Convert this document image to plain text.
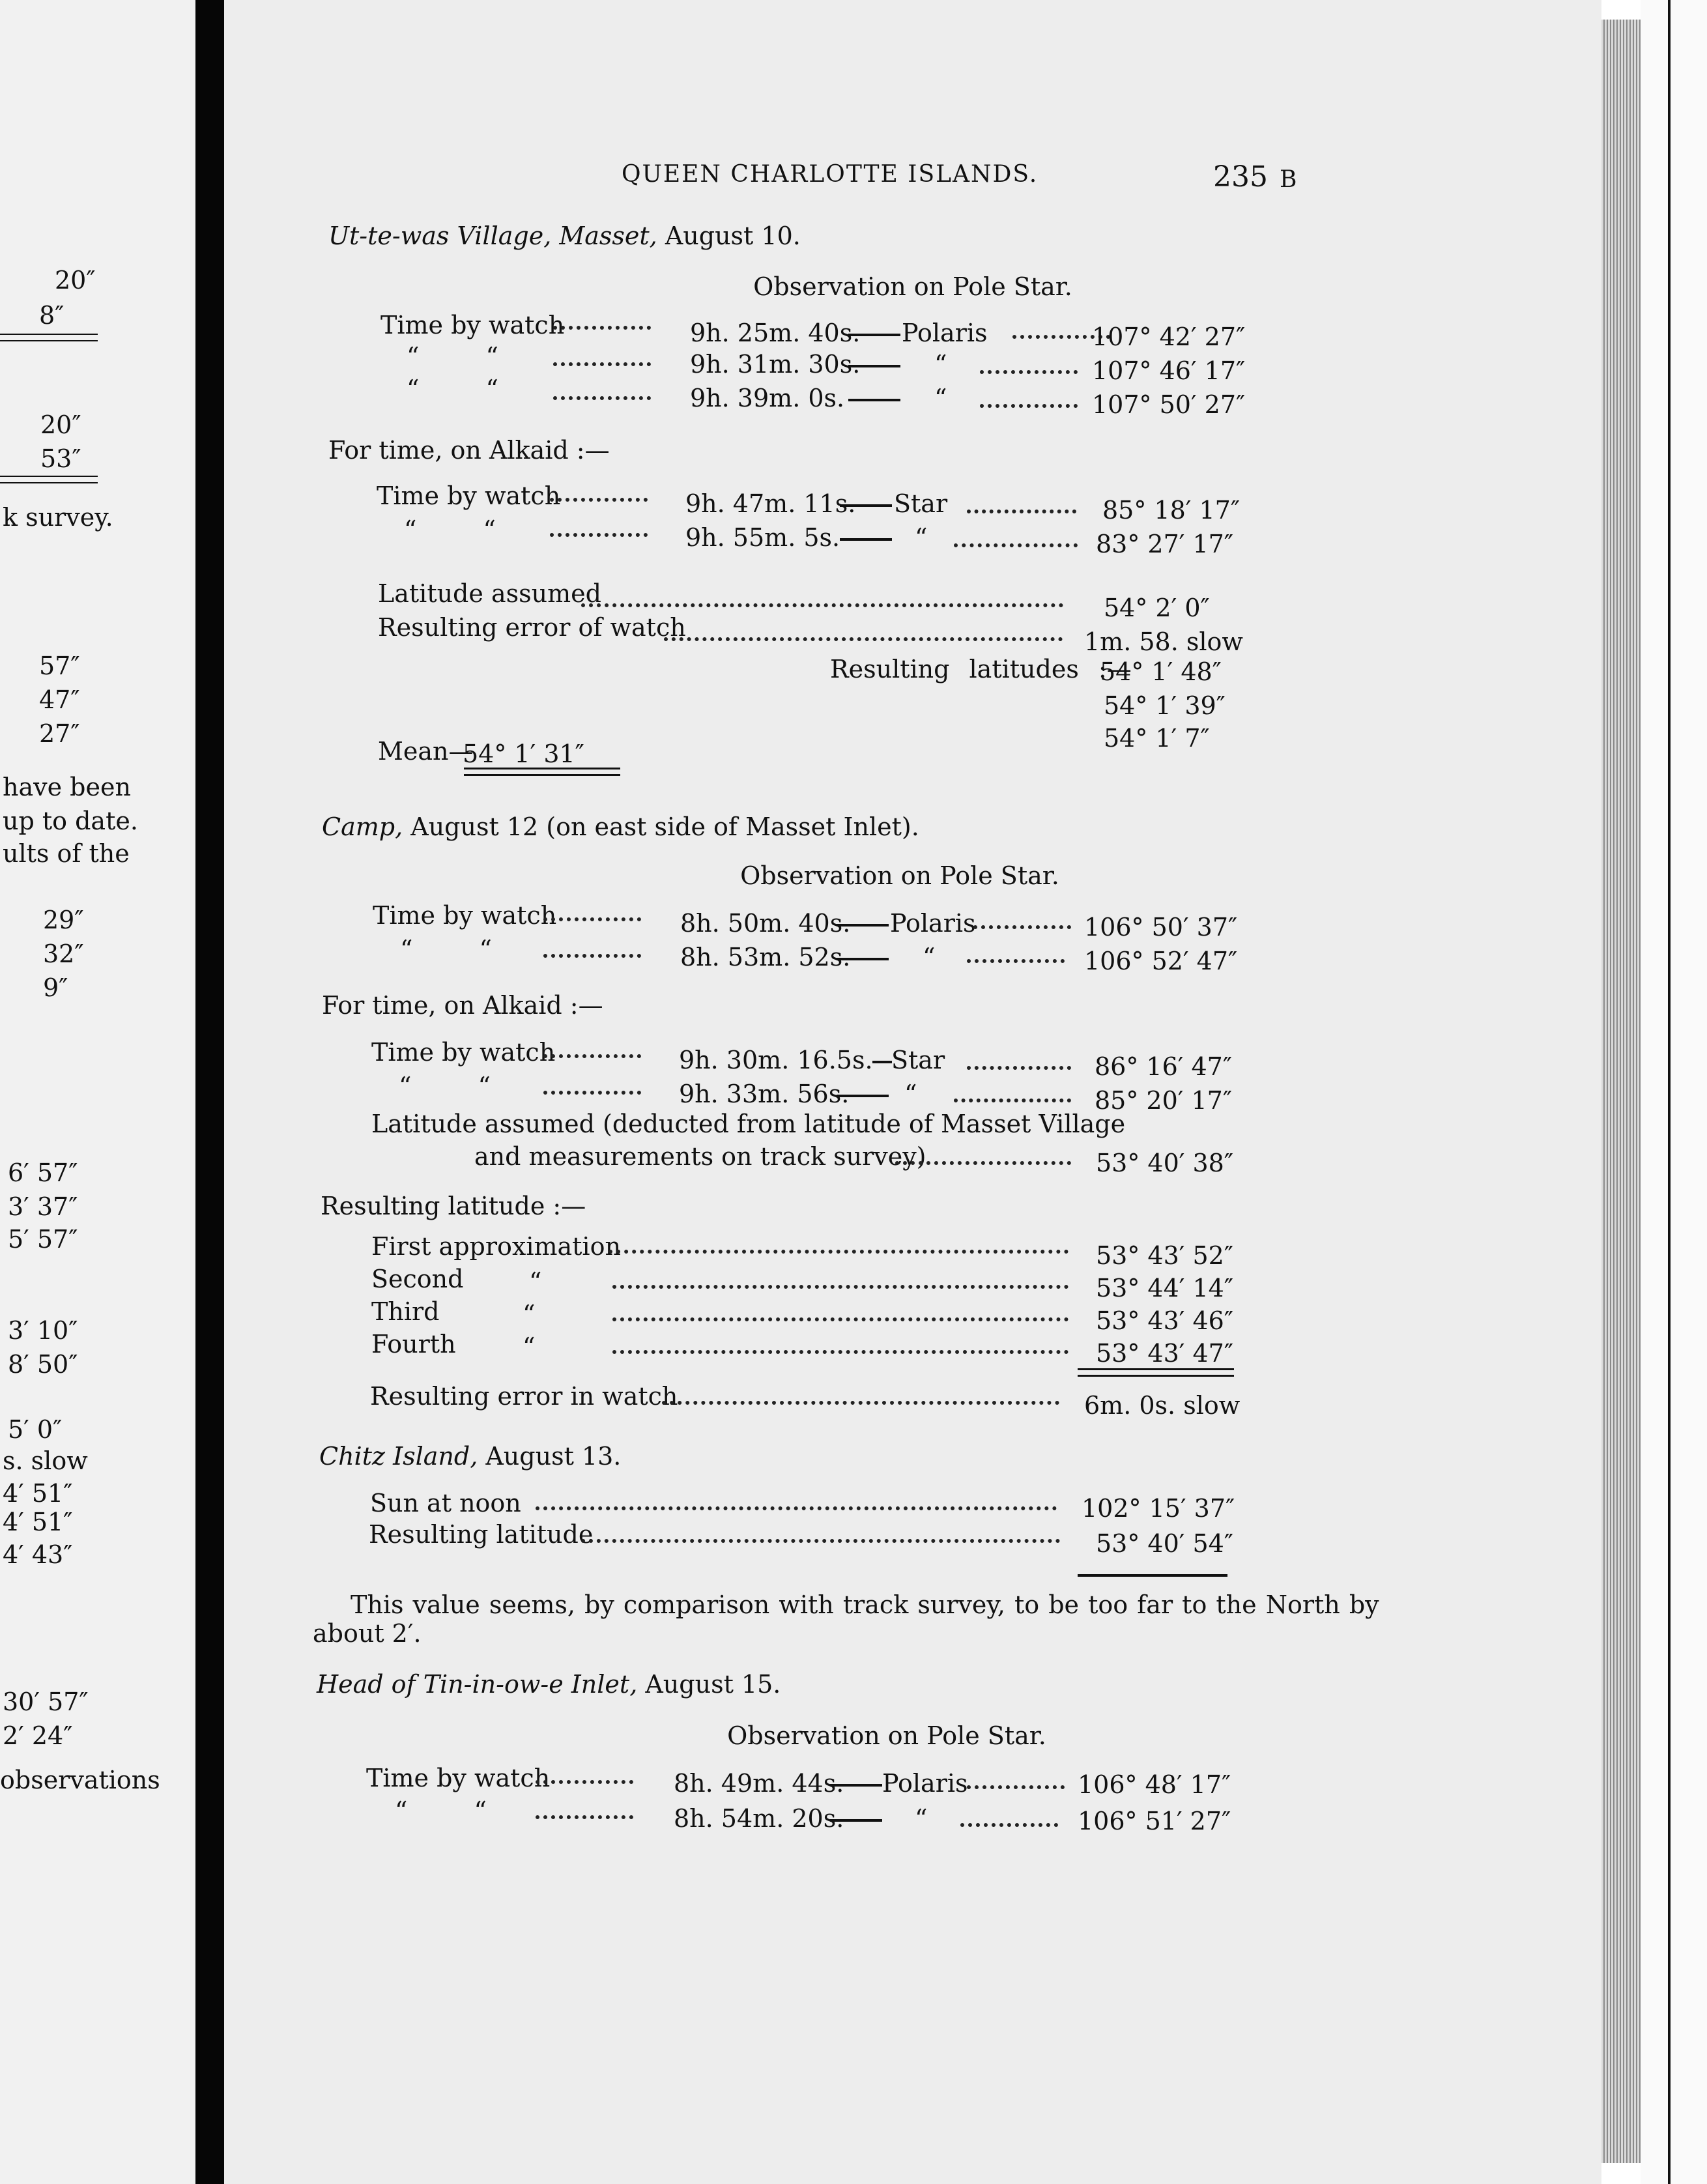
20″
8″
20″
53″
k survey.
57″
47″
27″
have been
up to date.
ults of the
29″
32″
9″
6′ 57″
3′ 37″
5′ 57″
3′ 10″
8′ 50″
5′ 0″
s. slow
4′ 51″
4′ 51″
4′ 43″
30′ 57″
2′ 24″
observations
QUEEN CHARLOTTE ISLANDS.	235 B
Ut-te-was Village, Masset, August 10.
Observation on Pole Star.
Time by watch	9h. 25m. 40s. Polaris	107° 42′ 27″
“ “	9h. 31m. 30s.	“	107° 46′ 17″
“ “	9h. 39m. 0s.	“	107° 50′ 27″
For time, on Alkaid :—
Time by watch	9h. 47m. 11s. Star	85° 18′ 17″
“ “	9h. 55m. 5s.	“	83° 27′ 17″
Latitude assumed	54° 2′ 0″
Resulting error of watch	1m. 58. slow
Resulting latitudes :—
54° 1′ 48″
54° 1′ 39″
54° 1′ 7″
Mean—
54° 1′ 31″
Camp, August 12 (on east side of Masset Inlet).
Observation on Pole Star.
Time by watch	8h. 50m. 40s. Polaris	106° 50′ 37″
“ “	8h. 53m. 52s.	“	106° 52′ 47″
For time, on Alkaid :—
Time by watch	9h. 30m. 16.5s. Star	86° 16′ 47″
“ “	9h. 33m. 56s. “	85° 20′ 17″
Latitude assumed (deducted from latitude of Masset Village
and measurements on track survey)	53° 40′ 38″
Resulting latitude :—
First approximation	53° 43′ 52″
Second	“	53° 44′ 14″
Third	“	53° 43′ 46″
Fourth	“	53° 43′ 47″
Resulting error in watch	6m. 0s. slow
Chitz Island, August 13.
Sun at noon	102° 15′ 37″
Resulting latitude	53° 40′ 54″
This value seems, by comparison with track survey, to be too far to the North by
about 2′.
Head of Tin-in-ow-e Inlet, August 15.
Observation on Pole Star.
Time by watch	8h. 49m. 44s. Polaris	106° 48′ 17″
“ “	8h. 54m. 20s.	“	106° 51′ 27″
